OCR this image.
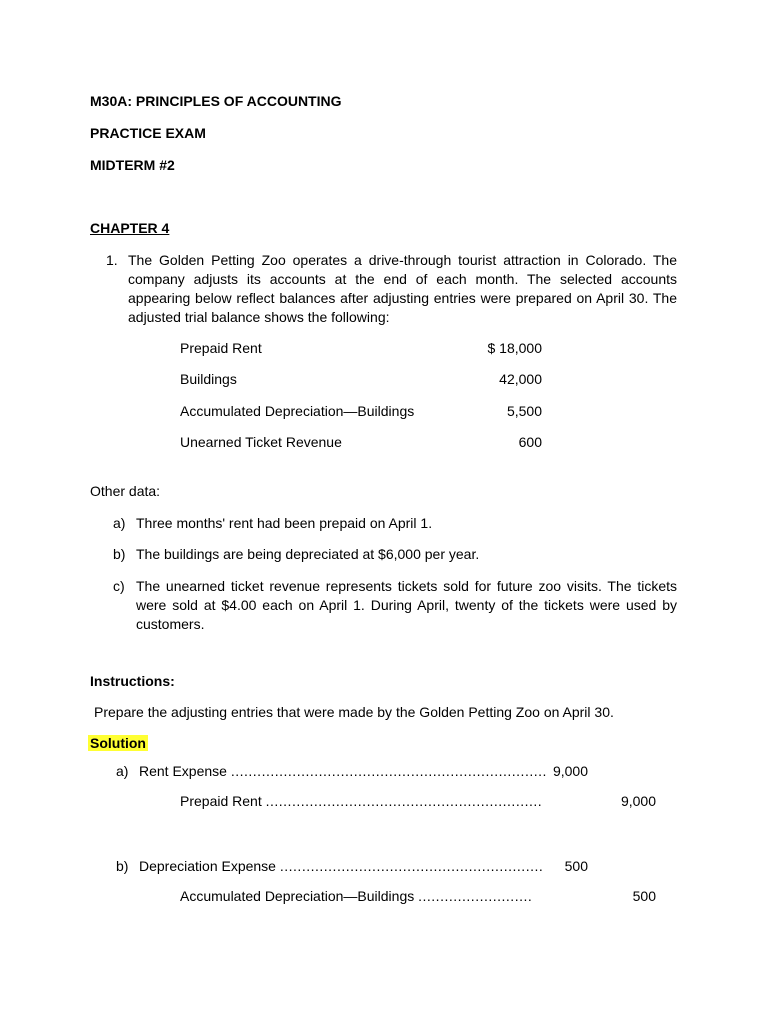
M30A: PRINCIPLES OF ACCOUNTING
PRACTICE EXAM
MIDTERM #2
CHAPTER 4
1. The Golden Petting Zoo operates a drive-through tourist attraction in Colorado. The company adjusts its accounts at the end of each month. The selected accounts appearing below reflect balances after adjusting entries were prepared on April 30. The adjusted trial balance shows the following:
Prepaid Rent	$ 18,000
Buildings	42,000
Accumulated Depreciation—Buildings	5,500
Unearned Ticket Revenue	600
Other data:
a) Three months' rent had been prepaid on April 1.
b) The buildings are being depreciated at $6,000 per year.
c) The unearned ticket revenue represents tickets sold for future zoo visits. The tickets were sold at $4.00 each on April 1. During April, twenty of the tickets were used by customers.
Instructions:
Prepare the adjusting entries that were made by the Golden Petting Zoo on April 30.
Solution
a) Rent Expense ........................................................................ 9,000
Prepaid Rent ...............................................................	9,000
b) Depreciation Expense ............................................................	500
Accumulated Depreciation—Buildings ..........................	500
